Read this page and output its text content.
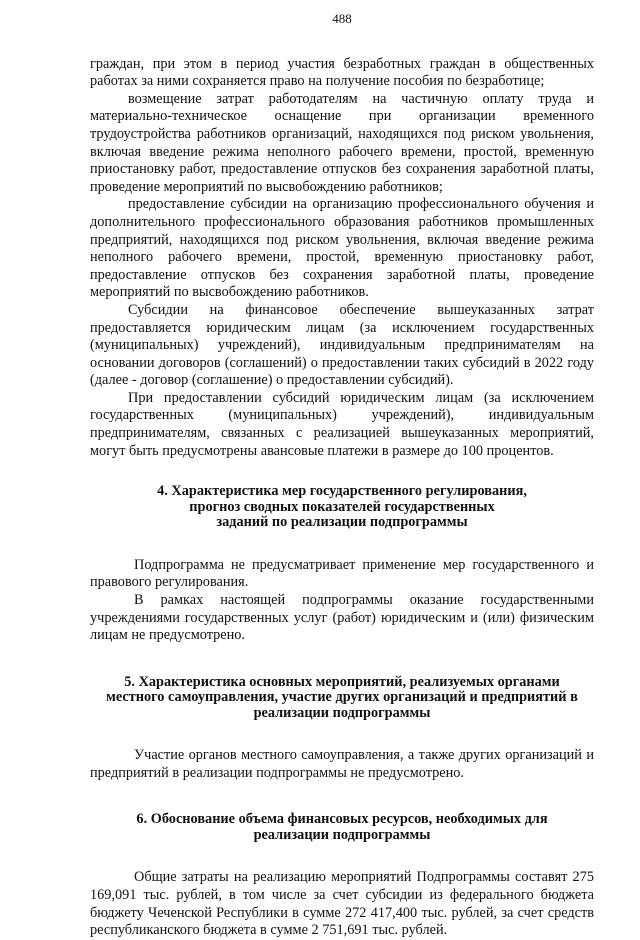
488

граждан, при этом в период участия безработных граждан в общественных работах за ними сохраняется право на получение пособия по безработице;

возмещение затрат работодателям на частичную оплату труда и материально-техническое оснащение при организации временного трудоустройства работников организаций, находящихся под риском увольнения, включая введение режима неполного рабочего времени, простой, временную приостановку работ, предоставление отпусков без сохранения заработной платы, проведение мероприятий по высвобождению работников;

предоставление субсидии на организацию профессионального обучения и дополнительного профессионального образования работников промышленных предприятий, находящихся под риском увольнения, включая введение режима неполного рабочего времени, простой, временную приостановку работ, предоставление отпусков без сохранения заработной платы, проведение мероприятий по высвобождению работников.

Субсидии на финансовое обеспечение вышеуказанных затрат предоставляется юридическим лицам (за исключением государственных (муниципальных) учреждений), индивидуальным предпринимателям на основании договоров (соглашений) о предоставлении таких субсидий в 2022 году (далее - договор (соглашение) о предоставлении субсидий).

При предоставлении субсидий юридическим лицам (за исключением государственных (муниципальных) учреждений), индивидуальным предпринимателям, связанных с реализацией вышеуказанных мероприятий, могут быть предусмотрены авансовые платежи в размере до 100 процентов.

4. Характеристика мер государственного регулирования,
прогноз сводных показателей государственных
заданий по реализации подпрограммы

Подпрограмма не предусматривает применение мер государственного и правового регулирования.

В рамках настоящей подпрограммы оказание государственными учреждениями государственных услуг (работ) юридическим и (или) физическим лицам не предусмотрено.

5. Характеристика основных мероприятий, реализуемых органами
местного самоуправления, участие других организаций и предприятий в
реализации подпрограммы

Участие органов местного самоуправления, а также других организаций и предприятий в реализации подпрограммы не предусмотрено.

6. Обоснование объема финансовых ресурсов, необходимых для
реализации подпрограммы

Общие затраты на реализацию мероприятий Подпрограммы составят 275 169,091 тыс. рублей, в том числе за счет субсидии из федерального бюджета бюджету Чеченской Республики в сумме 272 417,400 тыс. рублей, за счет средств республиканского бюджета в сумме 2 751,691 тыс. рублей.
